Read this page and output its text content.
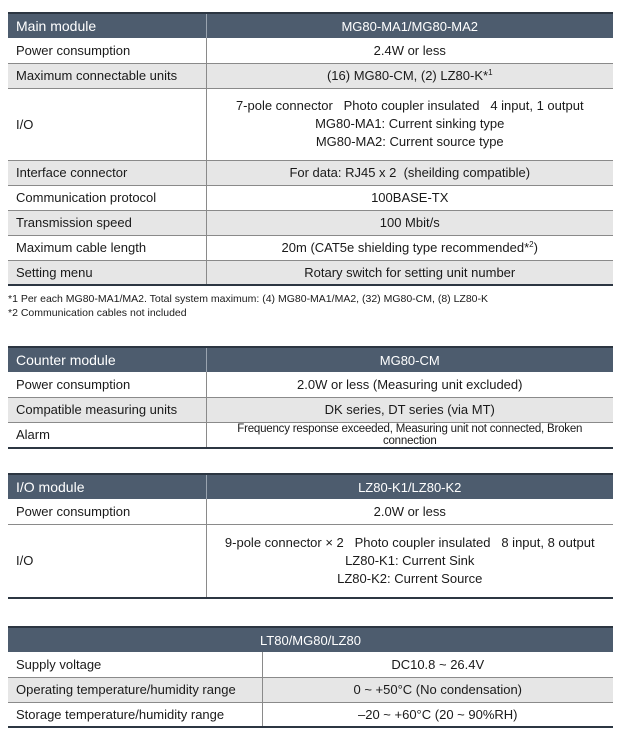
Main module	MG80-MA1/MG80-MA2
Power consumption	2.4W or less
Maximum connectable units	(16) MG80-CM, (2) LZ80-K*$^1$
I/O	7-pole connector   Photo coupler insulated   4 input, 1 output
MG80-MA1: Current sinking type
MG80-MA2: Current source type

Interface connector	For data: RJ45 x 2  (sheilding compatible)
Communication protocol	100BASE-TX
Transmission speed	100 Mbit/s
Maximum cable length	20m (CAT5e shielding type recommended*$^2$)
Setting menu	Rotary switch for setting unit number
*1 Per each MG80-MA1/MA2. Total system maximum: (4) MG80-MA1/MA2, (32) MG80-CM, (8) LZ80-K
*2 Communication cables not included
Counter module	MG80-CM
Power consumption	2.0W or less (Measuring unit excluded)
Compatible measuring units	DK series, DT series (via MT)
Alarm	Frequency response exceeded, Measuring unit not connected, Broken connection
I/O module	LZ80-K1/LZ80-K2
Power consumption	2.0W or less
I/O	9-pole connector × 2   Photo coupler insulated   8 input, 8 output
LZ80-K1: Current Sink
LZ80-K2: Current Source
LT80/MG80/LZ80	
Supply voltage	DC10.8 ~ 26.4V
Operating temperature/humidity range	0 ~ +50°C (No condensation)
Storage temperature/humidity range	–20 ~ +60°C (20 ~ 90%RH)
